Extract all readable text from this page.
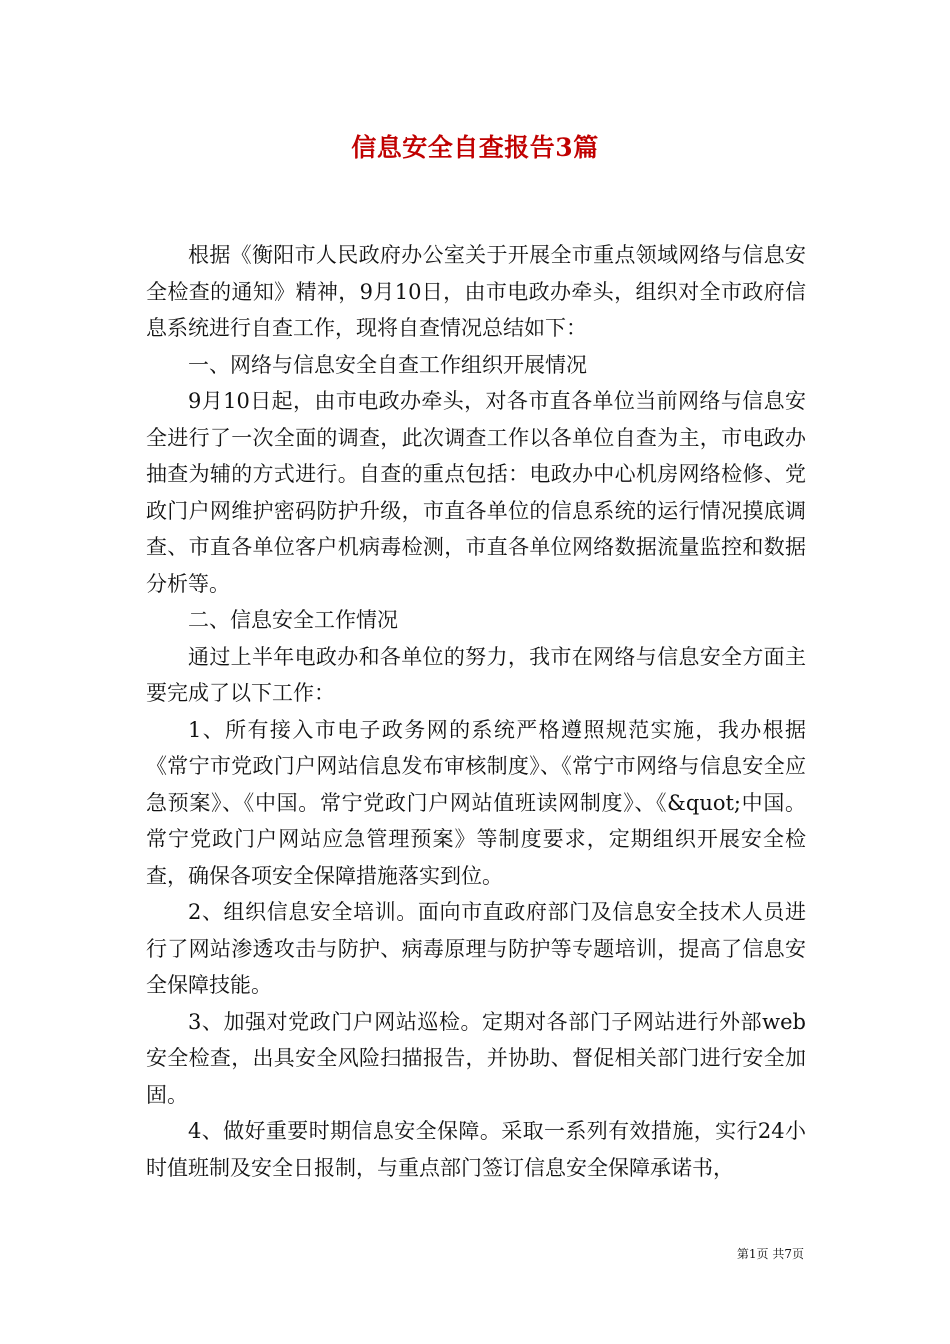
信息安全自查报告3篇

根据《衡阳市人民政府办公室关于开展全市重点领域网络与信息安全检查的通知》精神，9月10日，由市电政办牵头，组织对全市政府信息系统进行自查工作，现将自查情况总结如下：

一、网络与信息安全自查工作组织开展情况

9月10日起，由市电政办牵头，对各市直各单位当前网络与信息安全进行了一次全面的调查，此次调查工作以各单位自查为主，市电政办抽查为辅的方式进行。自查的重点包括：电政办中心机房网络检修、党政门户网维护密码防护升级，市直各单位的信息系统的运行情况摸底调查、市直各单位客户机病毒检测，市直各单位网络数据流量监控和数据分析等。

二、信息安全工作情况

通过上半年电政办和各单位的努力，我市在网络与信息安全方面主要完成了以下工作：

1、所有接入市电子政务网的系统严格遵照规范实施，我办根据《常宁市党政门户网站信息发布审核制度》、《常宁市网络与信息安全应急预案》、《中国。常宁党政门户网站值班读网制度》、《&quot;中国。常宁党政门户网站应急管理预案》等制度要求，定期组织开展安全检查，确保各项安全保障措施落实到位。

2、组织信息安全培训。面向市直政府部门及信息安全技术人员进行了网站渗透攻击与防护、病毒原理与防护等专题培训，提高了信息安全保障技能。

3、加强对党政门户网站巡检。定期对各部门子网站进行外部web安全检查，出具安全风险扫描报告，并协助、督促相关部门进行安全加固。

4、做好重要时期信息安全保障。采取一系列有效措施，实行24小时值班制及安全日报制，与重点部门签订信息安全保障承诺书，

第1页 共7页
